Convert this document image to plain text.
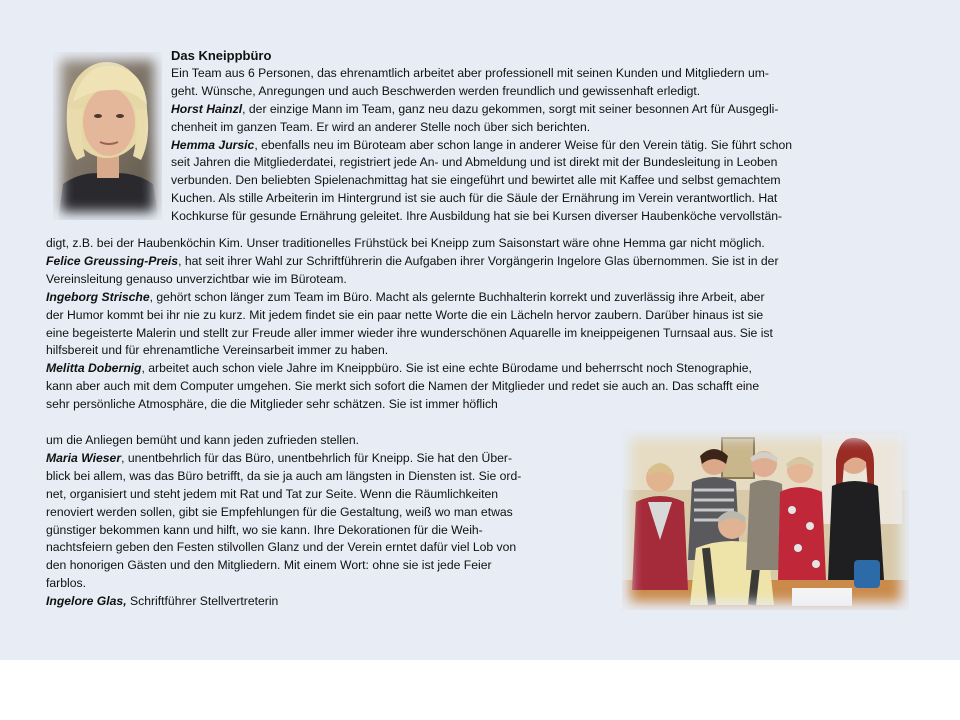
Das Kneippbüro
Ein Team aus 6 Personen, das ehrenamtlich arbeitet aber professionell mit seinen Kunden und Mitgliedern um-
geht. Wünsche, Anregungen und auch Beschwerden werden freundlich und gewissenhaft erledigt.
Horst Hainzl, der einzige Mann im Team, ganz neu dazu gekommen, sorgt mit seiner besonnen Art für Ausgegli-
chenheit im ganzen Team. Er wird an anderer Stelle noch über sich berichten.
Hemma Jursic, ebenfalls neu im Büroteam aber schon lange in anderer Weise für den Verein tätig. Sie führt schon
seit Jahren die Mitgliederdatei, registriert jede An- und Abmeldung und ist direkt mit der Bundesleitung in Leoben
verbunden. Den beliebten Spielenachmittag hat sie eingeführt und bewirtet alle mit Kaffee und selbst gemachtem
Kuchen. Als stille Arbeiterin im Hintergrund ist sie auch für die Säule der Ernährung im Verein verantwortlich. Hat
Kochkurse für gesunde Ernährung geleitet. Ihre Ausbildung hat sie bei Kursen diverser Haubenköche vervollstän-
digt, z.B. bei der Haubenköchin Kim. Unser traditionelles Frühstück bei Kneipp zum Saisonstart wäre ohne Hemma gar nicht möglich.
Felice Greussing-Preis, hat seit ihrer Wahl zur Schriftführerin die Aufgaben ihrer Vorgängerin Ingelore Glas übernommen. Sie ist in der
Vereinsleitung genauso unverzichtbar wie im Büroteam.
Ingeborg Strische, gehört schon länger zum Team im Büro. Macht als gelernte Buchhalterin korrekt und zuverlässig ihre Arbeit, aber
der Humor kommt bei ihr nie zu kurz. Mit jedem findet sie ein paar nette Worte die ein Lächeln hervor zaubern. Darüber hinaus ist sie
eine begeisterte Malerin und stellt zur Freude aller immer wieder ihre wunderschönen Aquarelle im kneippeigenen Turnsaal aus. Sie ist
hilfsbereit und für ehrenamtliche Vereinsarbeit immer zu haben.
Melitta Dobernig, arbeitet auch schon viele Jahre im Kneippbüro. Sie ist eine echte Bürodame und beherrscht noch Stenographie,
kann aber auch mit dem Computer umgehen. Sie merkt sich sofort die Namen der Mitglieder und redet sie auch an. Das schafft eine
sehr persönliche Atmosphäre, die die Mitglieder sehr schätzen. Sie ist immer höflich
um die Anliegen bemüht und kann jeden zufrieden stellen.
Maria Wieser, unentbehrlich für das Büro, unentbehrlich für Kneipp. Sie hat den Über-
blick bei allem, was das Büro betrifft, da sie ja auch am längsten in Diensten ist. Sie ord-
net, organisiert und steht jedem mit Rat und Tat zur Seite. Wenn die Räumlichkeiten
renoviert werden sollen, gibt sie Empfehlungen für die Gestaltung, weiß wo man etwas
günstiger bekommen kann und hilft, wo sie kann. Ihre Dekorationen für die Weih-
nachtsfeiern geben den Festen stilvollen Glanz und der Verein erntet dafür viel Lob von
den honorigen Gästen und den Mitgliedern. Mit einem Wort: ohne sie ist jede Feier
farblos.
Ingelore Glas, Schriftführer Stellvertreterin
